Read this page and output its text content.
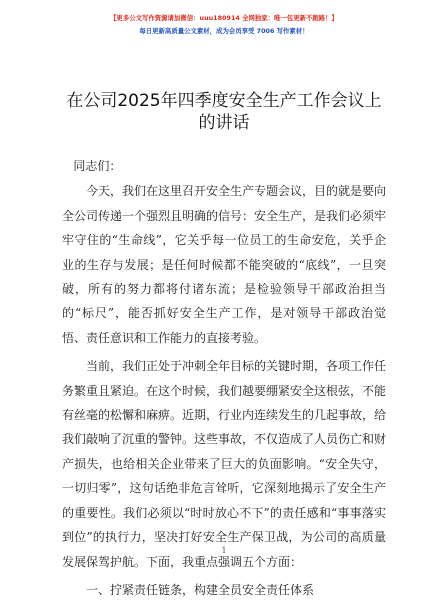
【更多公文写作资源请加微信：uuu180914 全网独家：唯一包更新不跑路！】
每日更新高质量公文素材，成为会员享受 7006 写作素材！
在公司2025年四季度安全生产工作会议上的讲话

同志们：

今天，我们在这里召开安全生产专题会议，目的就是要向全公司传递一个强烈且明确的信号：安全生产，是我们必须牢牢守住的“生命线”，它关乎每一位员工的生命安危，关乎企业的生存与发展；是任何时候都不能突破的“底线”，一旦突破，所有的努力都将付诸东流；是检验领导干部政治担当的“标尺”，能否抓好安全生产工作，是对领导干部政治觉悟、责任意识和工作能力的直接考验。

当前，我们正处于冲刺全年目标的关键时期，各项工作任务繁重且紧迫。在这个时候，我们越要绷紧安全这根弦，不能有丝毫的松懈和麻痹。近期，行业内连续发生的几起事故，给我们敲响了沉重的警钟。这些事故，不仅造成了人员伤亡和财产损失，也给相关企业带来了巨大的负面影响。“安全失守，一切归零”，这句话绝非危言耸听，它深刻地揭示了安全生产的重要性。我们必须以“时时放心不下”的责任感和“事事落实到位”的执行力，坚决打好安全生产保卫战，为公司的高质量发展保驾护航。下面，我重点强调五个方面：

一、拧紧责任链条，构建全员安全责任体系

1
